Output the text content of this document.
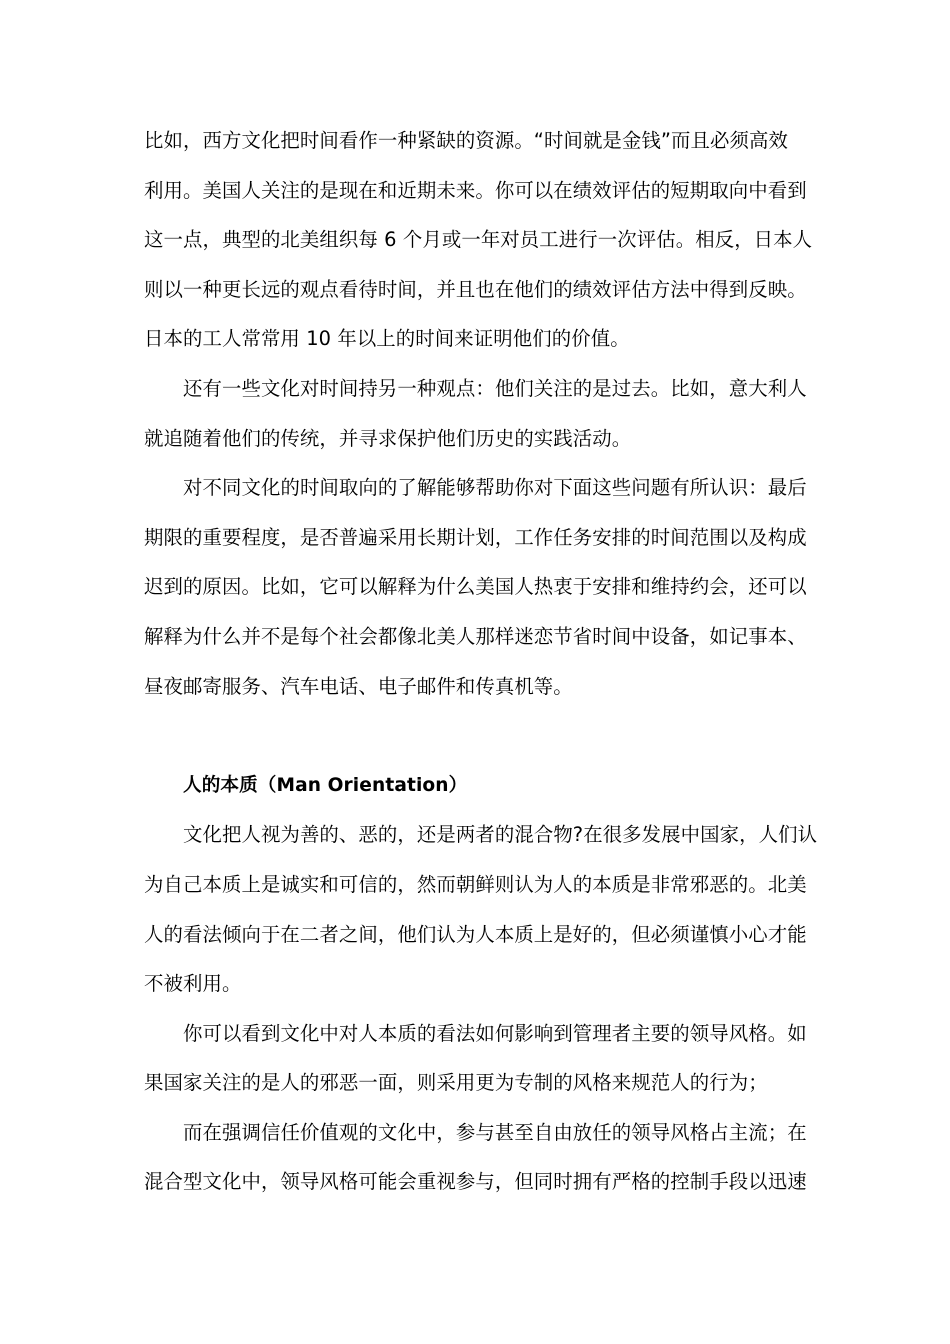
比如，西方文化把时间看作一种紧缺的资源。“时间就是金钱”而且必须高效
利用。美国人关注的是现在和近期未来。你可以在绩效评估的短期取向中看到
这一点，典型的北美组织每 6 个月或一年对员工进行一次评估。相反，日本人
则以一种更长远的观点看待时间，并且也在他们的绩效评估方法中得到反映。
日本的工人常常用 10 年以上的时间来证明他们的价值。
还有一些文化对时间持另一种观点：他们关注的是过去。比如，意大利人
就追随着他们的传统，并寻求保护他们历史的实践活动。
对不同文化的时间取向的了解能够帮助你对下面这些问题有所认识：最后
期限的重要程度，是否普遍采用长期计划，工作任务安排的时间范围以及构成
迟到的原因。比如，它可以解释为什么美国人热衷于安排和维持约会，还可以
解释为什么并不是每个社会都像北美人那样迷恋节省时间中设备，如记事本、
昼夜邮寄服务、汽车电话、电子邮件和传真机等。
人的本质（Man Orientation）
文化把人视为善的、恶的，还是两者的混合物?在很多发展中国家，人们认
为自己本质上是诚实和可信的，然而朝鲜则认为人的本质是非常邪恶的。北美
人的看法倾向于在二者之间，他们认为人本质上是好的，但必须谨慎小心才能
不被利用。
你可以看到文化中对人本质的看法如何影响到管理者主要的领导风格。如
果国家关注的是人的邪恶一面，则采用更为专制的风格来规范人的行为；
而在强调信任价值观的文化中，参与甚至自由放任的领导风格占主流；在
混合型文化中，领导风格可能会重视参与，但同时拥有严格的控制手段以迅速
